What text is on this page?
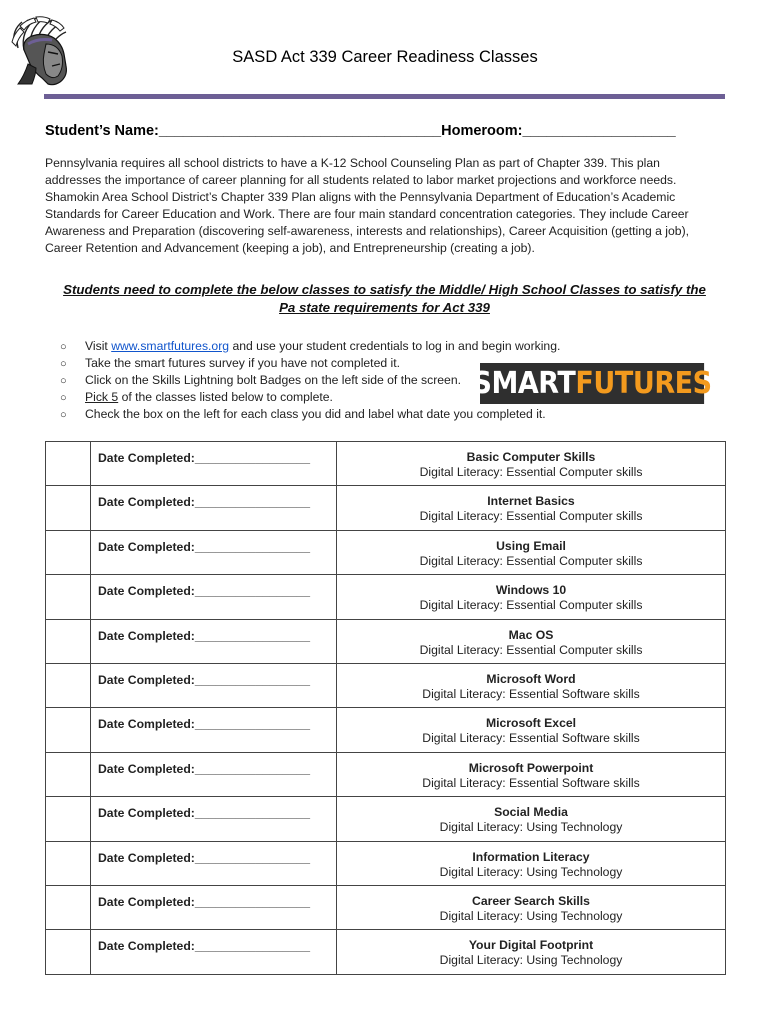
SASD Act 339 Career Readiness Classes
Student’s Name:___________________________________Homeroom:___________________
Pennsylvania requires all school districts to have a K-12 School Counseling Plan as part of Chapter 339. This plan
addresses the importance of career planning for all students related to labor market projections and workforce needs.
Shamokin Area School District’s Chapter 339 Plan aligns with the Pennsylvania Department of Education’s Academic
Standards for Career Education and Work. There are four main standard concentration categories. They include Career
Awareness and Preparation (discovering self-awareness, interests and relationships), Career Acquisition (getting a job),
Career Retention and Advancement (keeping a job), and Entrepreneurship (creating a job).
Students need to complete the below classes to satisfy the Middle/ High School Classes to satisfy the
Pa state requirements for Act 339
○ Visit www.smartfutures.org and use your student credentials to log in and begin working.
○ Take the smart futures survey if you have not completed it.
○ Click on the Skills Lightning bolt Badges on the left side of the screen.
○ Pick 5 of the classes listed below to complete.
○ Check the box on the left for each class you did and label what date you completed it.
SMART FUTURES
	Date Completed:_________________	Basic Computer Skills
Digital Literacy: Essential Computer skills

	Date Completed:_________________	Internet Basics
Digital Literacy: Essential Computer skills

	Date Completed:_________________	Using Email
Digital Literacy: Essential Computer skills

	Date Completed:_________________	Windows 10
Digital Literacy: Essential Computer skills

	Date Completed:_________________	Mac OS
Digital Literacy: Essential Computer skills

	Date Completed:_________________	Microsoft Word
Digital Literacy: Essential Software skills

	Date Completed:_________________	Microsoft Excel
Digital Literacy: Essential Software skills

	Date Completed:_________________	Microsoft Powerpoint
Digital Literacy: Essential Software skills

	Date Completed:_________________	Social Media
Digital Literacy: Using Technology

	Date Completed:_________________	Information Literacy
Digital Literacy: Using Technology

	Date Completed:_________________	Career Search Skills
Digital Literacy: Using Technology

	Date Completed:_________________	Your Digital Footprint
Digital Literacy: Using Technology
